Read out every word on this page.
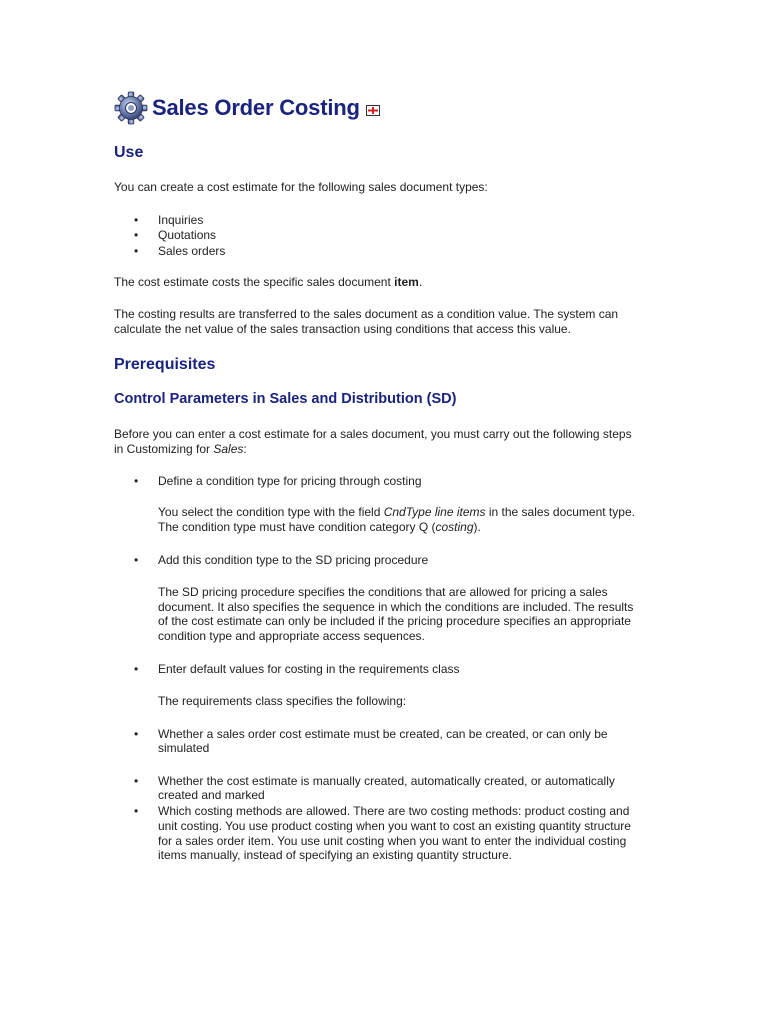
Sales Order Costing
Use
You can create a cost estimate for the following sales document types:
• Inquiries
• Quotations
• Sales orders
The cost estimate costs the specific sales document item.
The costing results are transferred to the sales document as a condition value. The system can
calculate the net value of the sales transaction using conditions that access this value.
Prerequisites
Control Parameters in Sales and Distribution (SD)
Before you can enter a cost estimate for a sales document, you must carry out the following steps
in Customizing for Sales:
• Define a condition type for pricing through costing
You select the condition type with the field CndType line items in the sales document type.
The condition type must have condition category Q (costing).
• Add this condition type to the SD pricing procedure
The SD pricing procedure specifies the conditions that are allowed for pricing a sales
document. It also specifies the sequence in which the conditions are included. The results
of the cost estimate can only be included if the pricing procedure specifies an appropriate
condition type and appropriate access sequences.
• Enter default values for costing in the requirements class
The requirements class specifies the following:
• Whether a sales order cost estimate must be created, can be created, or can only be
simulated
• Whether the cost estimate is manually created, automatically created, or automatically
created and marked
• Which costing methods are allowed. There are two costing methods: product costing and
unit costing. You use product costing when you want to cost an existing quantity structure
for a sales order item. You use unit costing when you want to enter the individual costing
items manually, instead of specifying an existing quantity structure.
